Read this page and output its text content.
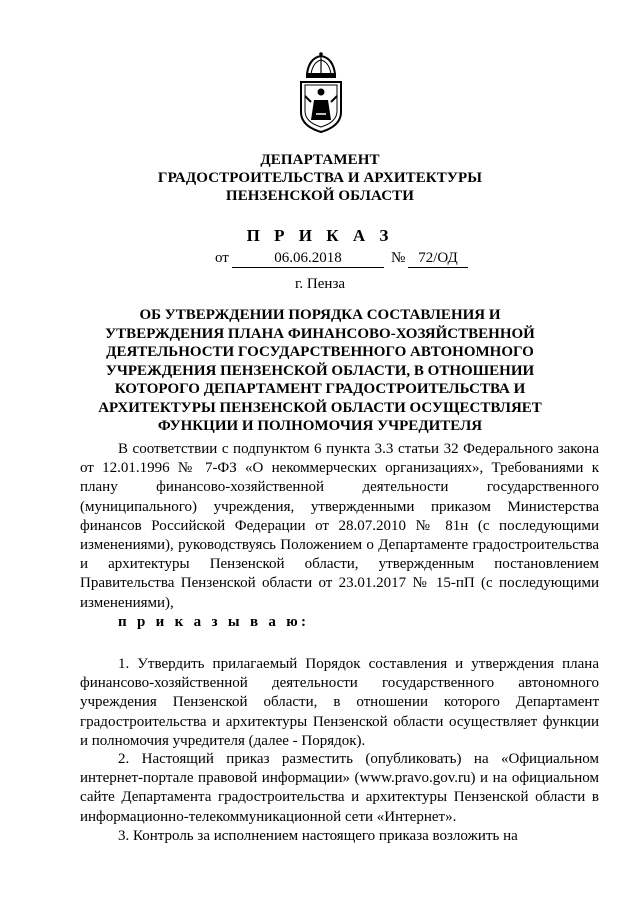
ДЕПАРТАМЕНТ
ГРАДОСТРОИТЕЛЬСТВА И АРХИТЕКТУРЫ
ПЕНЗЕНСКОЙ ОБЛАСТИ
П Р И К А З
от	06.06.2018	№ 72/ОД
г. Пенза
ОБ УТВЕРЖДЕНИИ ПОРЯДКА СОСТАВЛЕНИЯ И УТВЕРЖДЕНИЯ ПЛАНА ФИНАНСОВО-ХОЗЯЙСТВЕННОЙ ДЕЯТЕЛЬНОСТИ ГОСУДАРСТВЕННОГО АВТОНОМНОГО УЧРЕЖДЕНИЯ ПЕНЗЕНСКОЙ ОБЛАСТИ, В ОТНОШЕНИИ КОТОРОГО ДЕПАРТАМЕНТ ГРАДОСТРОИТЕЛЬСТВА И АРХИТЕКТУРЫ ПЕНЗЕНСКОЙ ОБЛАСТИ ОСУЩЕСТВЛЯЕТ ФУНКЦИИ И ПОЛНОМОЧИЯ УЧРЕДИТЕЛЯ
В соответствии с подпунктом 6 пункта 3.3 статьи 32 Федерального закона от 12.01.1996 № 7-ФЗ «О некоммерческих организациях», Требованиями к плану финансово-хозяйственной деятельности государственного (муниципального) учреждения, утвержденными приказом Министерства финансов Российской Федерации от 28.07.2010 № 81н (с последующими изменениями), руководствуясь Положением о Департаменте градостроительства и архитектуры Пензенской области, утвержденным постановлением Правительства Пензенской области от 23.01.2017 № 15-пП (с последующими изменениями),
п р и к а з ы в а ю:
1. Утвердить прилагаемый Порядок составления и утверждения плана финансово-хозяйственной деятельности государственного автономного учреждения Пензенской области, в отношении которого Департамент градостроительства и архитектуры Пензенской области осуществляет функции и полномочия учредителя (далее - Порядок).
2. Настоящий приказ разместить (опубликовать) на «Официальном интернет-портале правовой информации» (www.pravo.gov.ru) и на официальном сайте Департамента градостроительства и архитектуры Пензенской области в информационно-телекоммуникационной сети «Интернет».
3. Контроль за исполнением настоящего приказа возложить на
